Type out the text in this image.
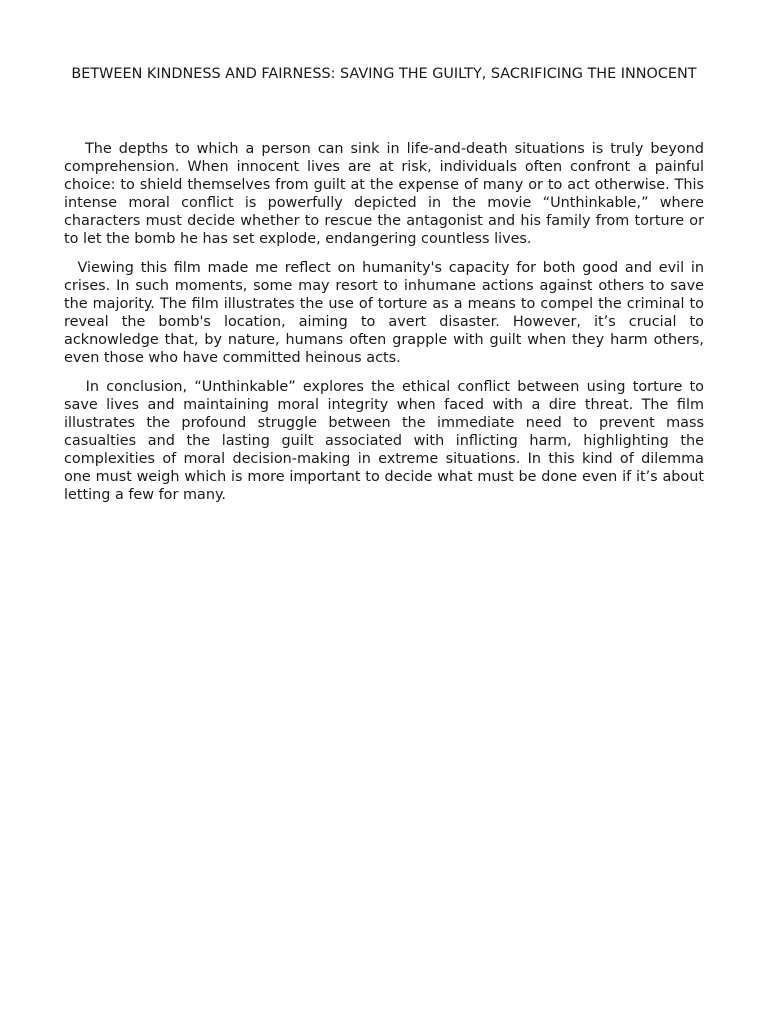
BETWEEN KINDNESS AND FAIRNESS: SAVING THE GUILTY, SACRIFICING THE INNOCENT

The depths to which a person can sink in life-and-death situations is truly beyond comprehension. When innocent lives are at risk, individuals often confront a painful choice: to shield themselves from guilt at the expense of many or to act otherwise. This intense moral conflict is powerfully depicted in the movie “Unthinkable,” where characters must decide whether to rescue the antagonist and his family from torture or to let the bomb he has set explode, endangering countless lives.

Viewing this film made me reflect on humanity's capacity for both good and evil in crises. In such moments, some may resort to inhumane actions against others to save the majority. The film illustrates the use of torture as a means to compel the criminal to reveal the bomb's location, aiming to avert disaster. However, it’s crucial to acknowledge that, by nature, humans often grapple with guilt when they harm others, even those who have committed heinous acts.

In conclusion, “Unthinkable” explores the ethical conflict between using torture to save lives and maintaining moral integrity when faced with a dire threat. The film illustrates the profound struggle between the immediate need to prevent mass casualties and the lasting guilt associated with inflicting harm, highlighting the complexities of moral decision-making in extreme situations. In this kind of dilemma one must weigh which is more important to decide what must be done even if it’s about letting a few for many.
